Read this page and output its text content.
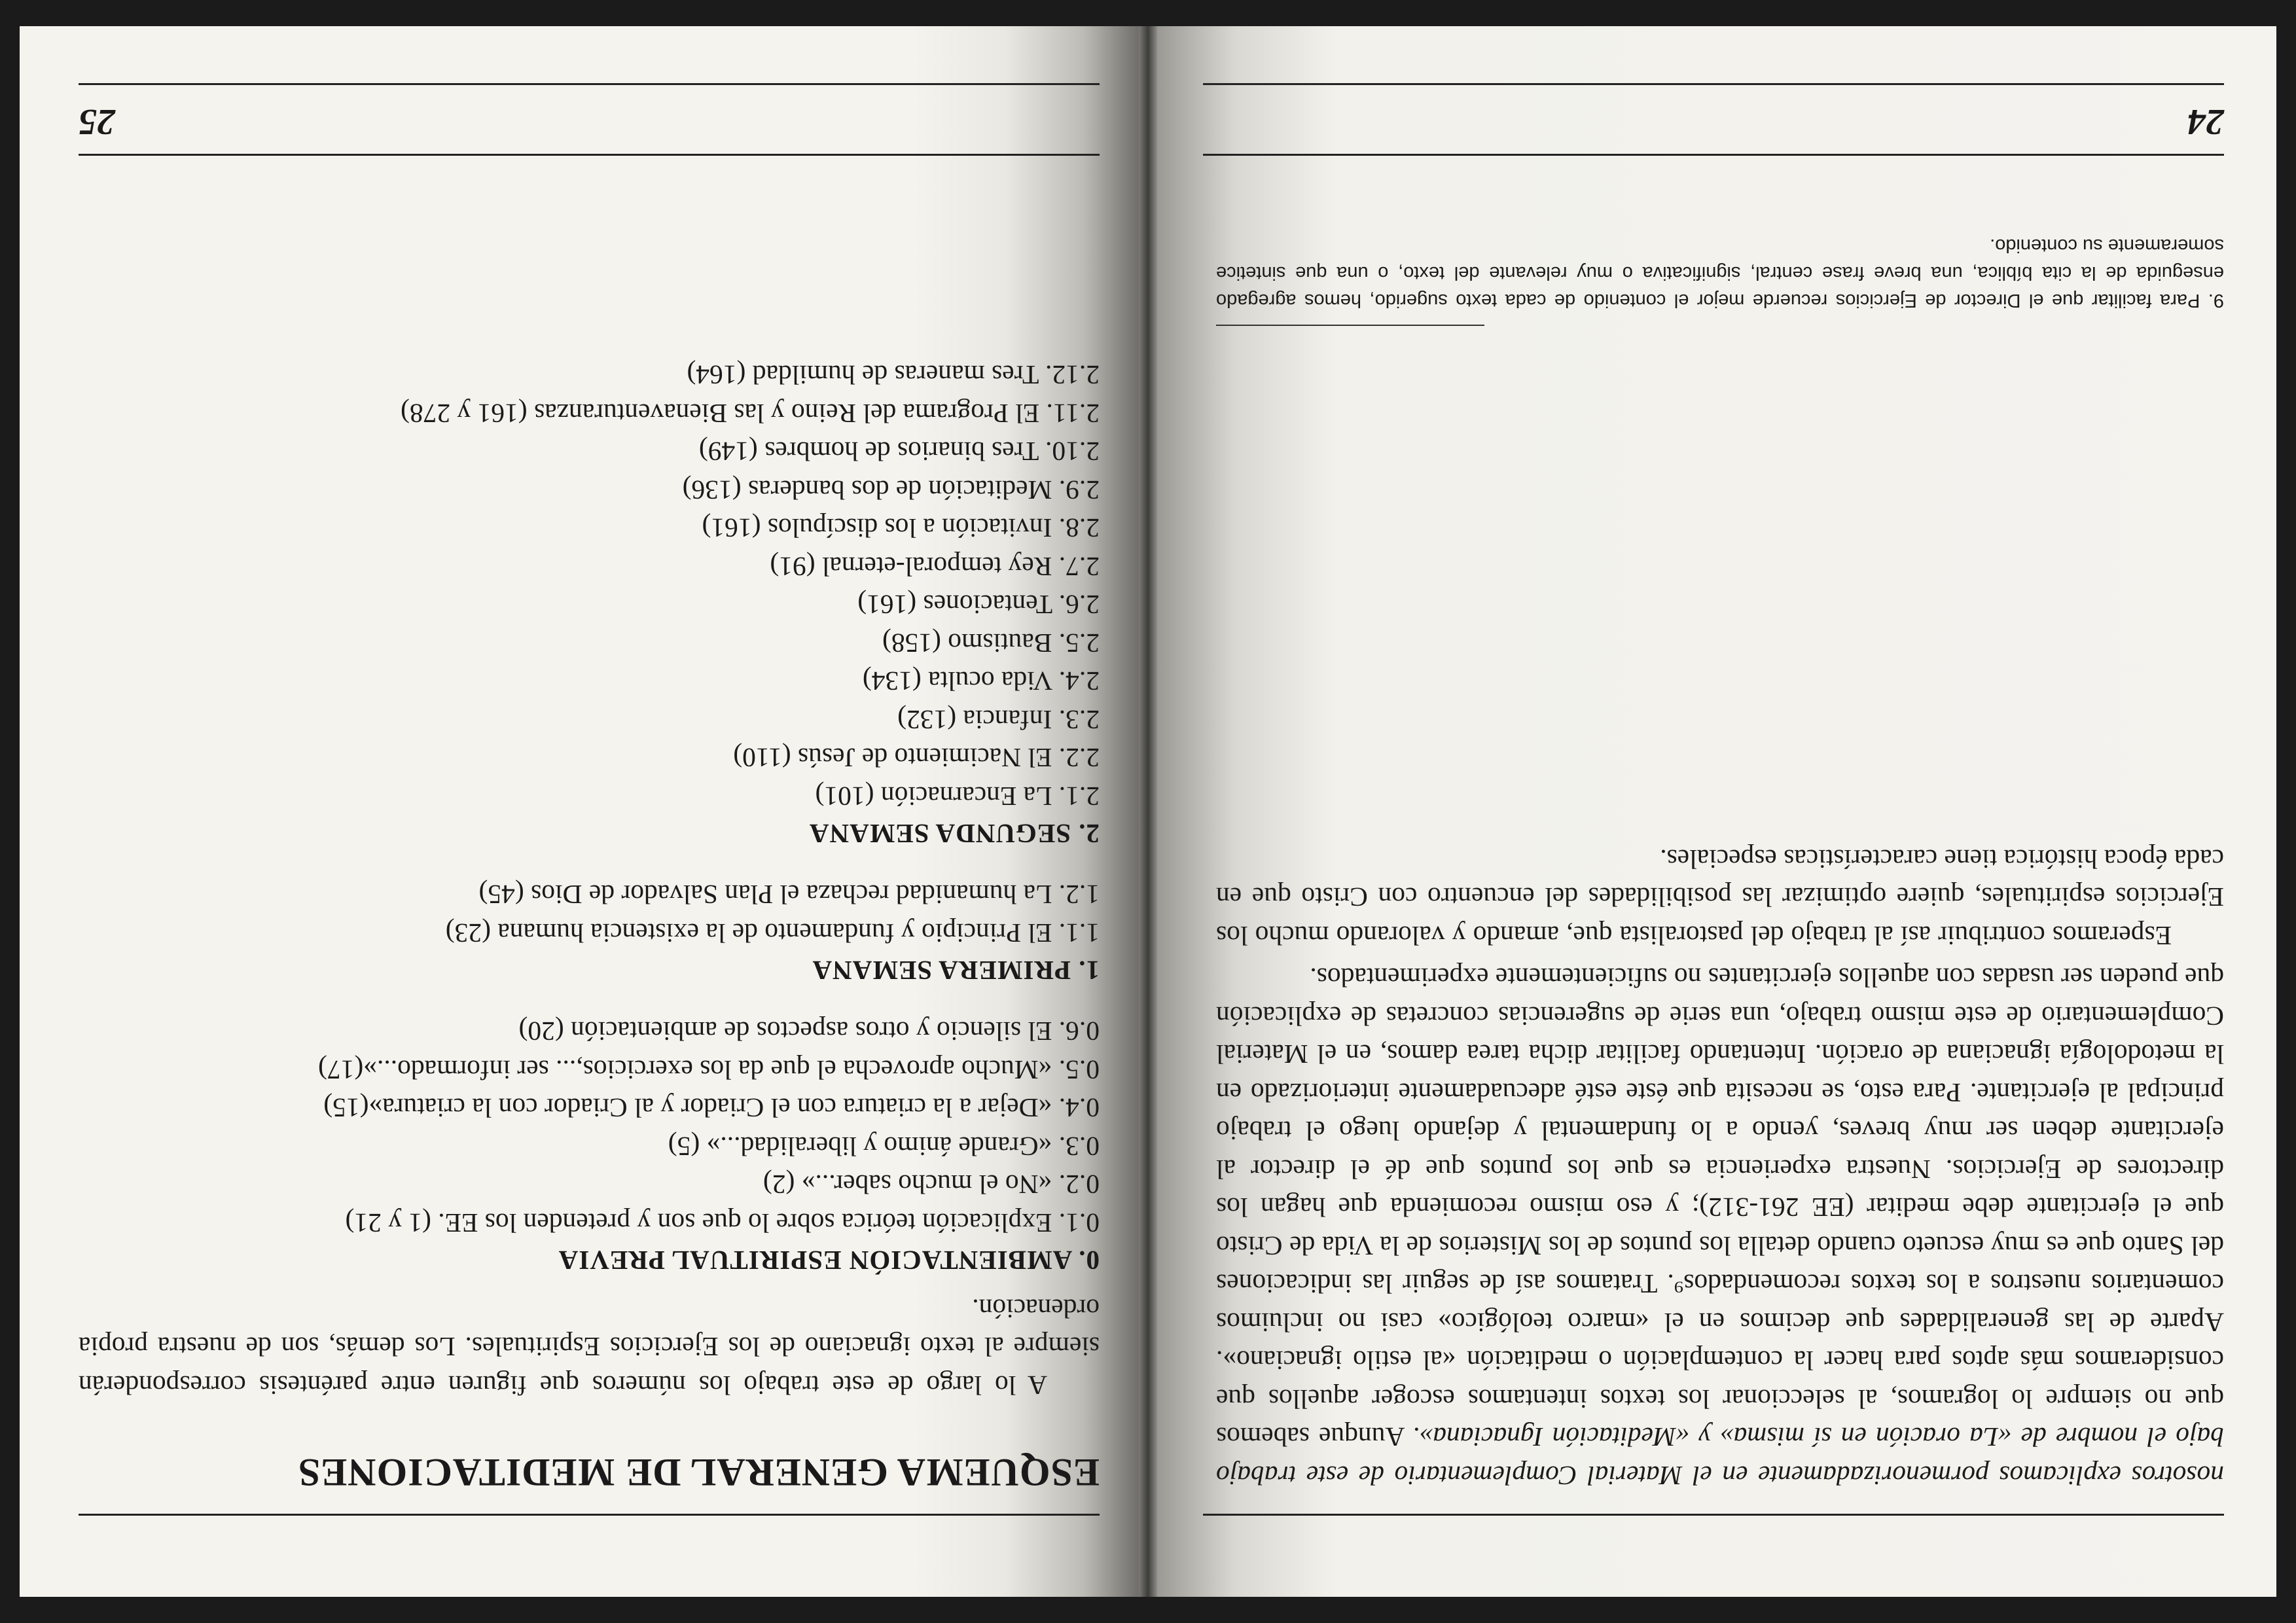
nosotros explicamos pormenorizadamente en el Material Complementario de este trabajo bajo el nombre de «La oración en sí misma» y «Meditación Ignaciana». Aunque sabemos que no siempre lo logramos, al seleccionar los textos intentamos escoger aquellos que consideramos más aptos para hacer la contemplación o meditación «al estilo ignaciano». Aparte de las generalidades que decimos en el «marco teológico» casi no incluimos comentarios nuestros a los textos recomendados⁹. Tratamos así de seguir las indicaciones del Santo que es muy escueto cuando detalla los puntos de los Misterios de la Vida de Cristo que el ejercitante debe meditar (EE 261-312); y eso mismo recomienda que hagan los directores de Ejercicios. Nuestra experiencia es que los puntos que dé el director al ejercitante deben ser muy breves, yendo a lo fundamental y dejando luego el trabajo principal al ejercitante. Para esto, se necesita que éste esté adecuadamente interiorizado en la metodología ignaciana de oración. Intentando facilitar dicha tarea damos, en el Material Complementario de este mismo trabajo, una serie de sugerencias concretas de explicación que pueden ser usadas con aquellos ejercitantes no suficientemente experimentados.

Esperamos contribuir así al trabajo del pastoralista que, amando y valorando mucho los Ejercicios espirituales, quiere optimizar las posibilidades del encuentro con Cristo que en cada época histórica tiene características especiales.

9. Para facilitar que el Director de Ejercicios recuerde mejor el contenido de cada texto sugerido, hemos agregado enseguida de la cita bíblica, una breve frase central, significativa o muy relevante del texto, o una que sintetice someramente su contenido.
24
ESQUEMA GENERAL DE MEDITACIONES

A lo largo de este trabajo los números que figuren entre paréntesis corresponderán siempre al texto ignaciano de los Ejercicios Espirituales. Los demás, son de nuestra propia ordenación.

0. AMBIENTACIÓN ESPIRITUAL PREVIA
0.1. Explicación teórica sobre lo que son y pretenden los EE. (1 y 21)
0.2. «No el mucho saber...» (2)
0.3. «Grande ánimo y liberalidad...» (5)
0.4. «Dejar a la criatura con el Criador y al Criador con la criatura»(15)
0.5. «Mucho aprovecha el que da los exercicios,... ser informado...»(17)
0.6. El silencio y otros aspectos de ambientación (20)
1. PRIMERA SEMANA
1.1. El Principio y fundamento de la existencia humana (23)
1.2. La humanidad rechaza el Plan Salvador de Dios (45)
2. SEGUNDA SEMANA
2.1. La Encarnación (101)
2.2. El Nacimiento de Jesús (110)
2.3. Infancia (132)
2.4. Vida oculta (134)
2.5. Bautismo (158)
2.6. Tentaciones (161)
2.7. Rey temporal-eternal (91)
2.8. Invitación a los discípulos (161)
2.9. Meditación de dos banderas (136)
2.10. Tres binarios de hombres (149)
2.11. El Programa del Reino y las Bienaventuranzas (161 y 278)
2.12. Tres maneras de humildad (164)
25
